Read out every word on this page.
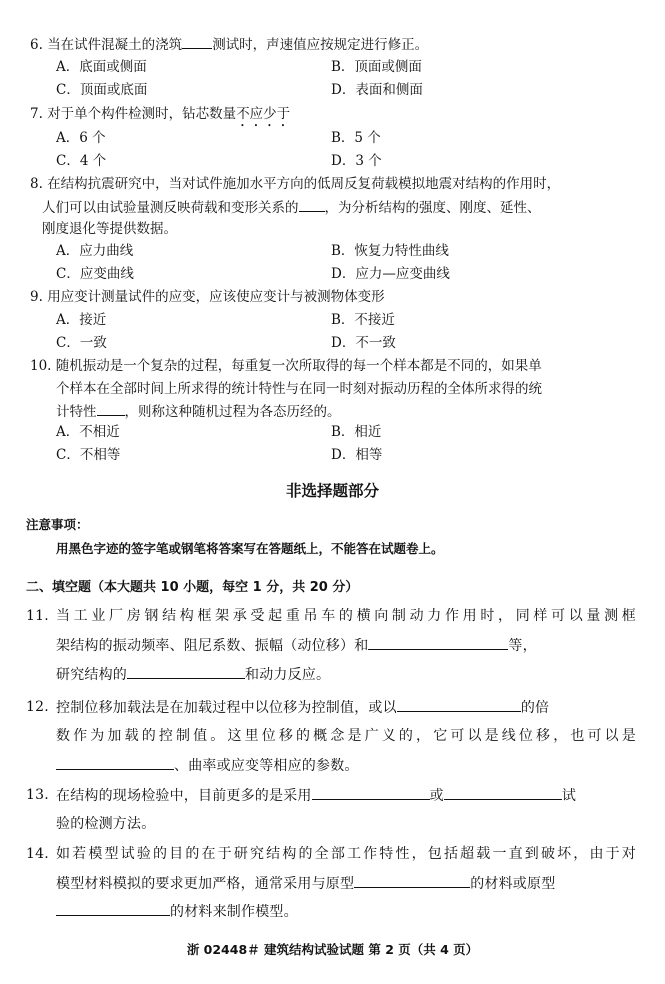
6. 当在试件混凝土的浇筑 测试时，声速值应按规定进行修正。
A．底面或侧面	B．顶面或侧面
C．顶面或底面	D．表面和侧面
7. 对于单个构件检测时，钻芯数量不应少于
A．6 个	B．5 个
C．4 个	D．3 个
8. 在结构抗震研究中，当对试件施加水平方向的低周反复荷载模拟地震对结构的作用时，
人们可以由试验量测反映荷载和变形关系的 ，为分析结构的强度、刚度、延性、
刚度退化等提供数据。
A．应力曲线	B．恢复力特性曲线
C．应变曲线	D．应力—应变曲线
9. 用应变计测量试件的应变，应该使应变计与被测物体变形
A．接近	B．不接近
C．一致	D．不一致
10. 随机振动是一个复杂的过程，每重复一次所取得的每一个样本都是不同的，如果单
个样本在全部时间上所求得的统计特性与在同一时刻对振动历程的全体所求得的统
计特性 ，则称这种随机过程为各态历经的。
A．不相近	B．相近
C．不相等	D．相等
非选择题部分
注意事项：
用黑色字迹的签字笔或钢笔将答案写在答题纸上，不能答在试题卷上。
二、填空题（本大题共 10 小题，每空 1 分，共 20 分）
11. 当工业厂房钢结构框架承受起重吊车的横向制动力作用时，同样可以量测框
架结构的振动频率、阻尼系数、振幅（动位移）和	等，
研究结构的	和动力反应。
12. 控制位移加载法是在加载过程中以位移为控制值，或以	的倍
数作为加载的控制值。这里位移的概念是广义的，它可以是线位移，也可以是
、曲率或应变等相应的参数。
13. 在结构的现场检验中，目前更多的是采用	或	试
验的检测方法。
14. 如若模型试验的目的在于研究结构的全部工作特性，包括超载一直到破坏，由于对
模型材料模拟的要求更加严格，通常采用与原型	的材料或原型
的材料来制作模型。
浙 02448＃ 建筑结构试验试题 第 2 页（共 4 页）
